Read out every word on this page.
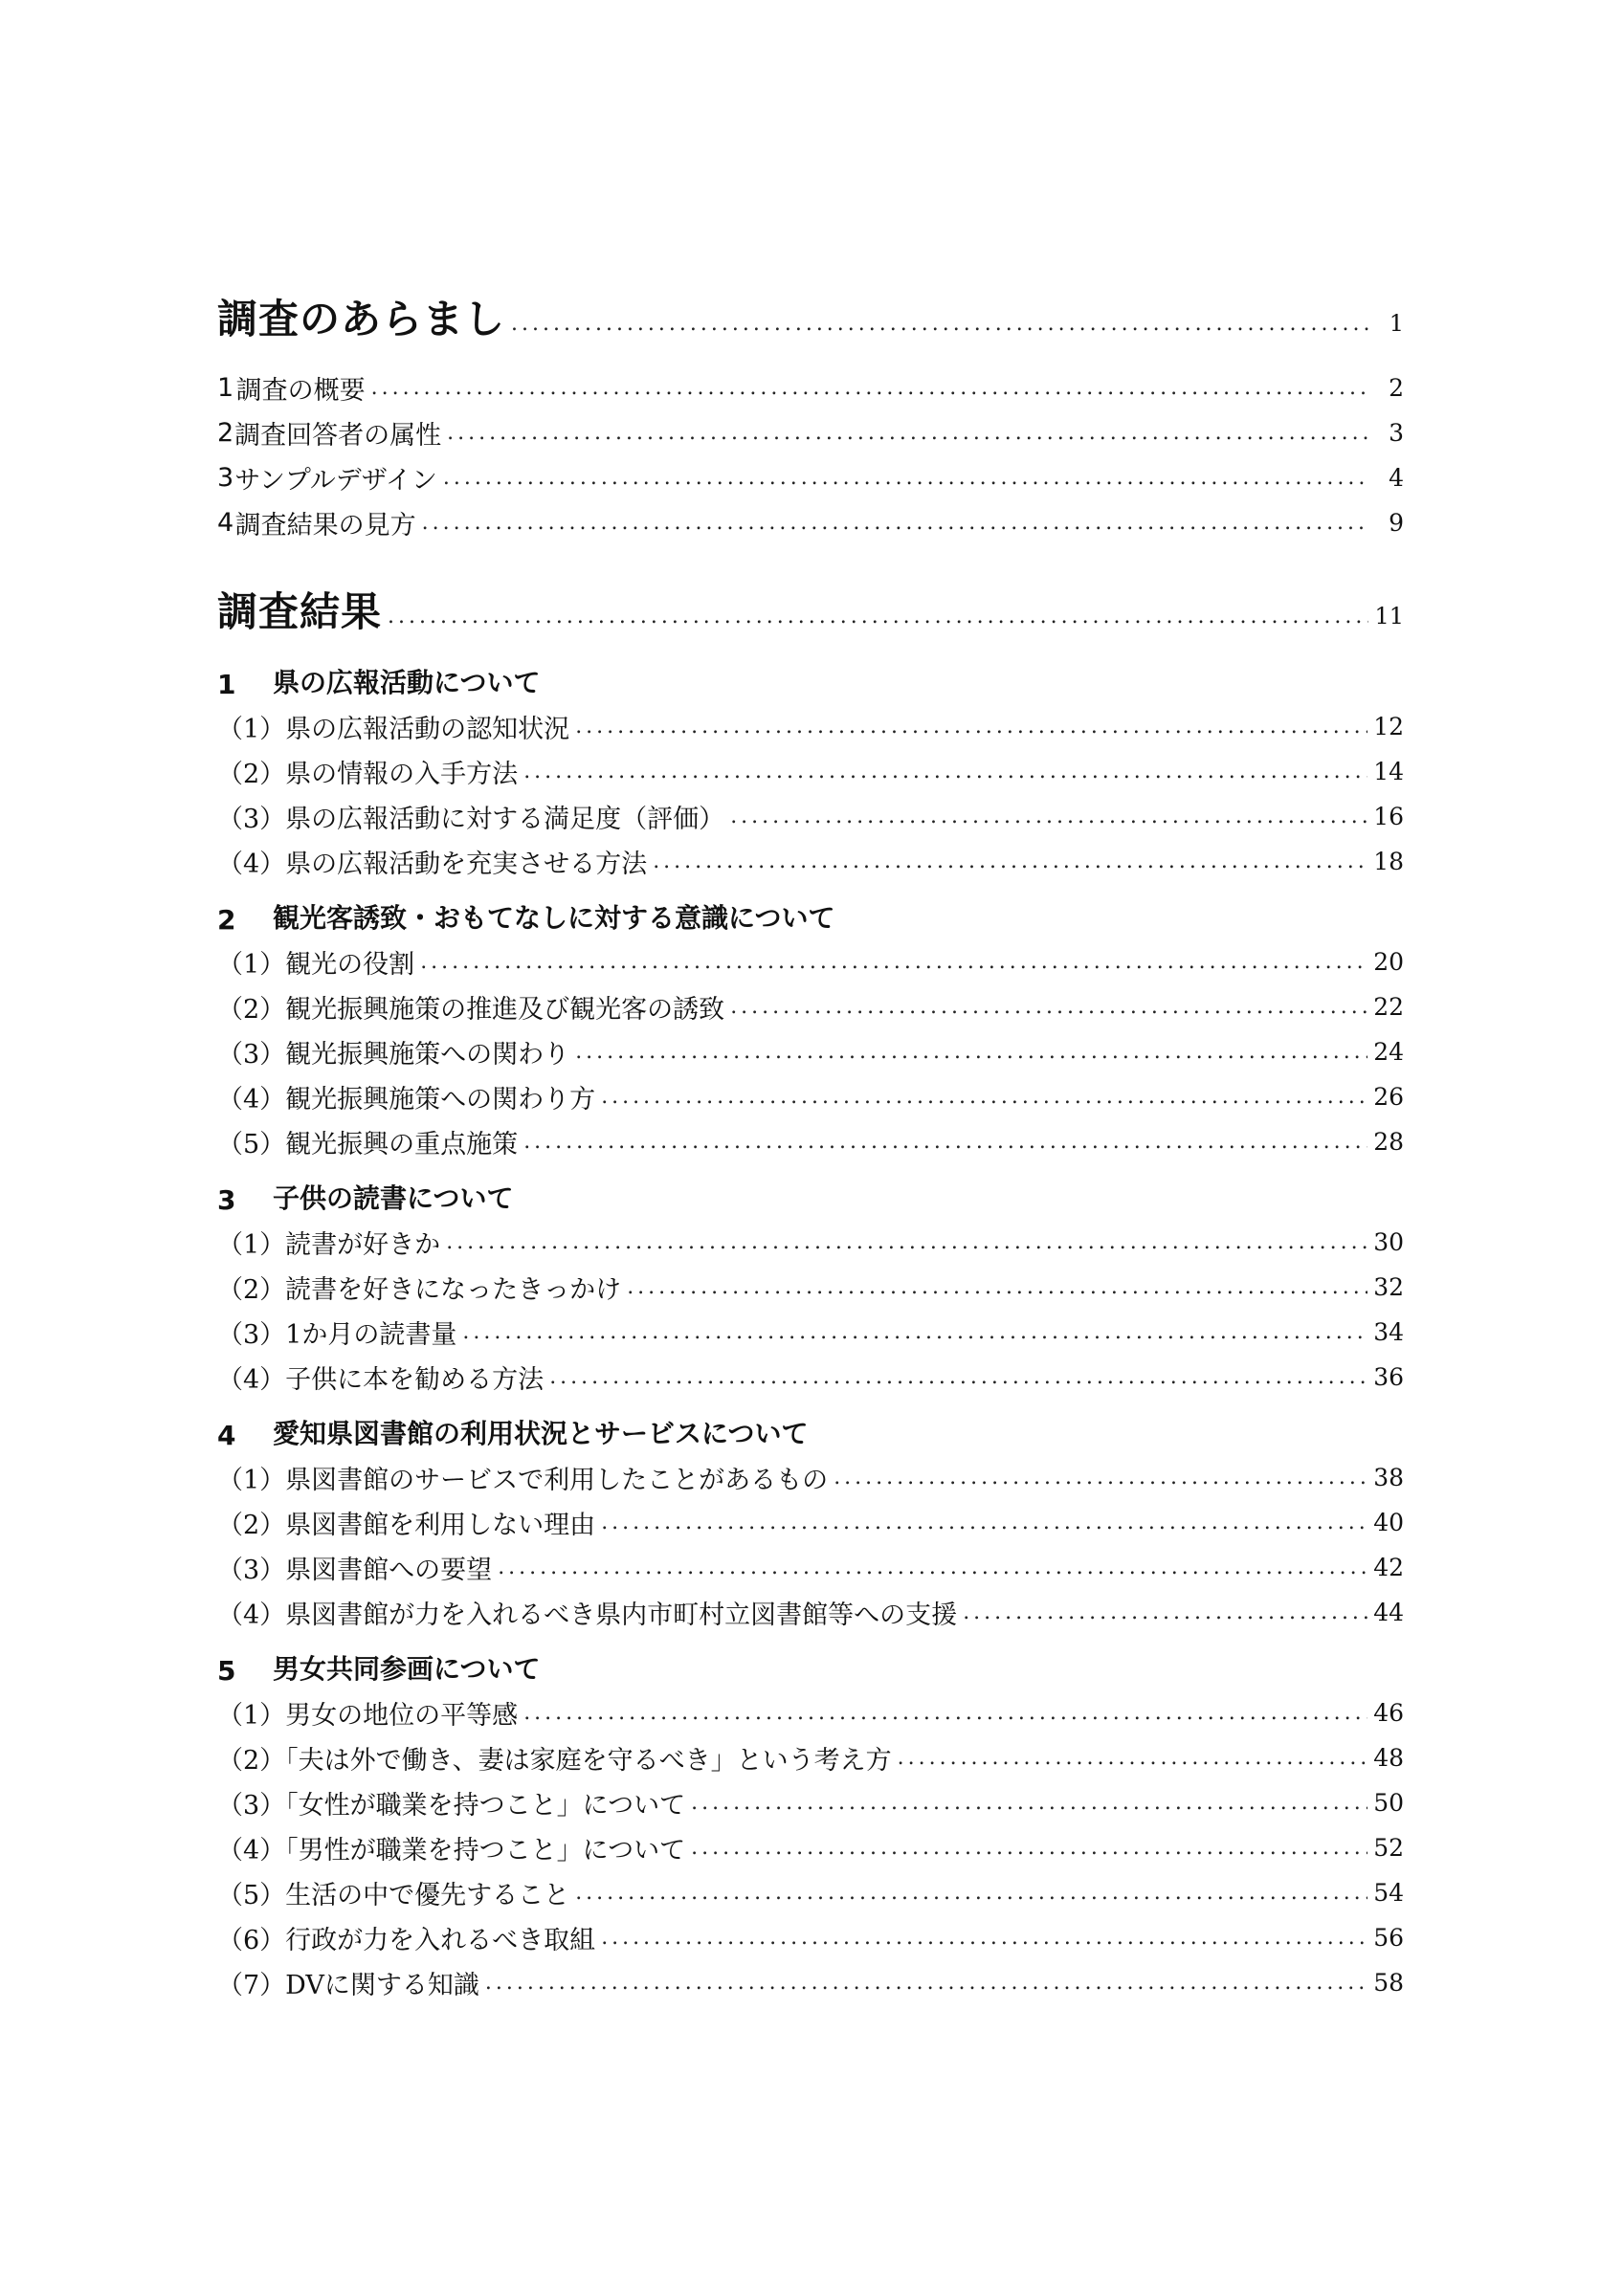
調査のあらまし .....	1
1 調査の概要 .....	2
2 調査回答者の属性 .....	3
3 サンプルデザイン .....	4
4 調査結果の見方 .....	9
調査結果 .....	11
1	県の広報活動について
（1）県の広報活動の認知状況 .....	12
（2）県の情報の入手方法 .....	14
（3）県の広報活動に対する満足度（評価） .....	16
（4）県の広報活動を充実させる方法 .....	18
2	観光客誘致・おもてなしに対する意識について
（1）観光の役割 .....	20
（2）観光振興施策の推進及び観光客の誘致 .....	22
（3）観光振興施策への関わり .....	24
（4）観光振興施策への関わり方 .....	26
（5）観光振興の重点施策 .....	28
3	子供の読書について
（1）読書が好きか .....	30
（2）読書を好きになったきっかけ .....	32
（3）1か月の読書量 .....	34
（4）子供に本を勧める方法 .....	36
4	愛知県図書館の利用状況とサービスについて
（1）県図書館のサービスで利用したことがあるもの .....	38
（2）県図書館を利用しない理由 .....	40
（3）県図書館への要望 .....	42
（4）県図書館が力を入れるべき県内市町村立図書館等への支援 .....	44
5	男女共同参画について
（1）男女の地位の平等感 .....	46
（2）「夫は外で働き、妻は家庭を守るべき」という考え方 .....	48
（3）「女性が職業を持つこと」について .....	50
（4）「男性が職業を持つこと」について .....	52
（5）生活の中で優先すること .....	54
（6）行政が力を入れるべき取組 .....	56
（7）DVに関する知識 .....	58
